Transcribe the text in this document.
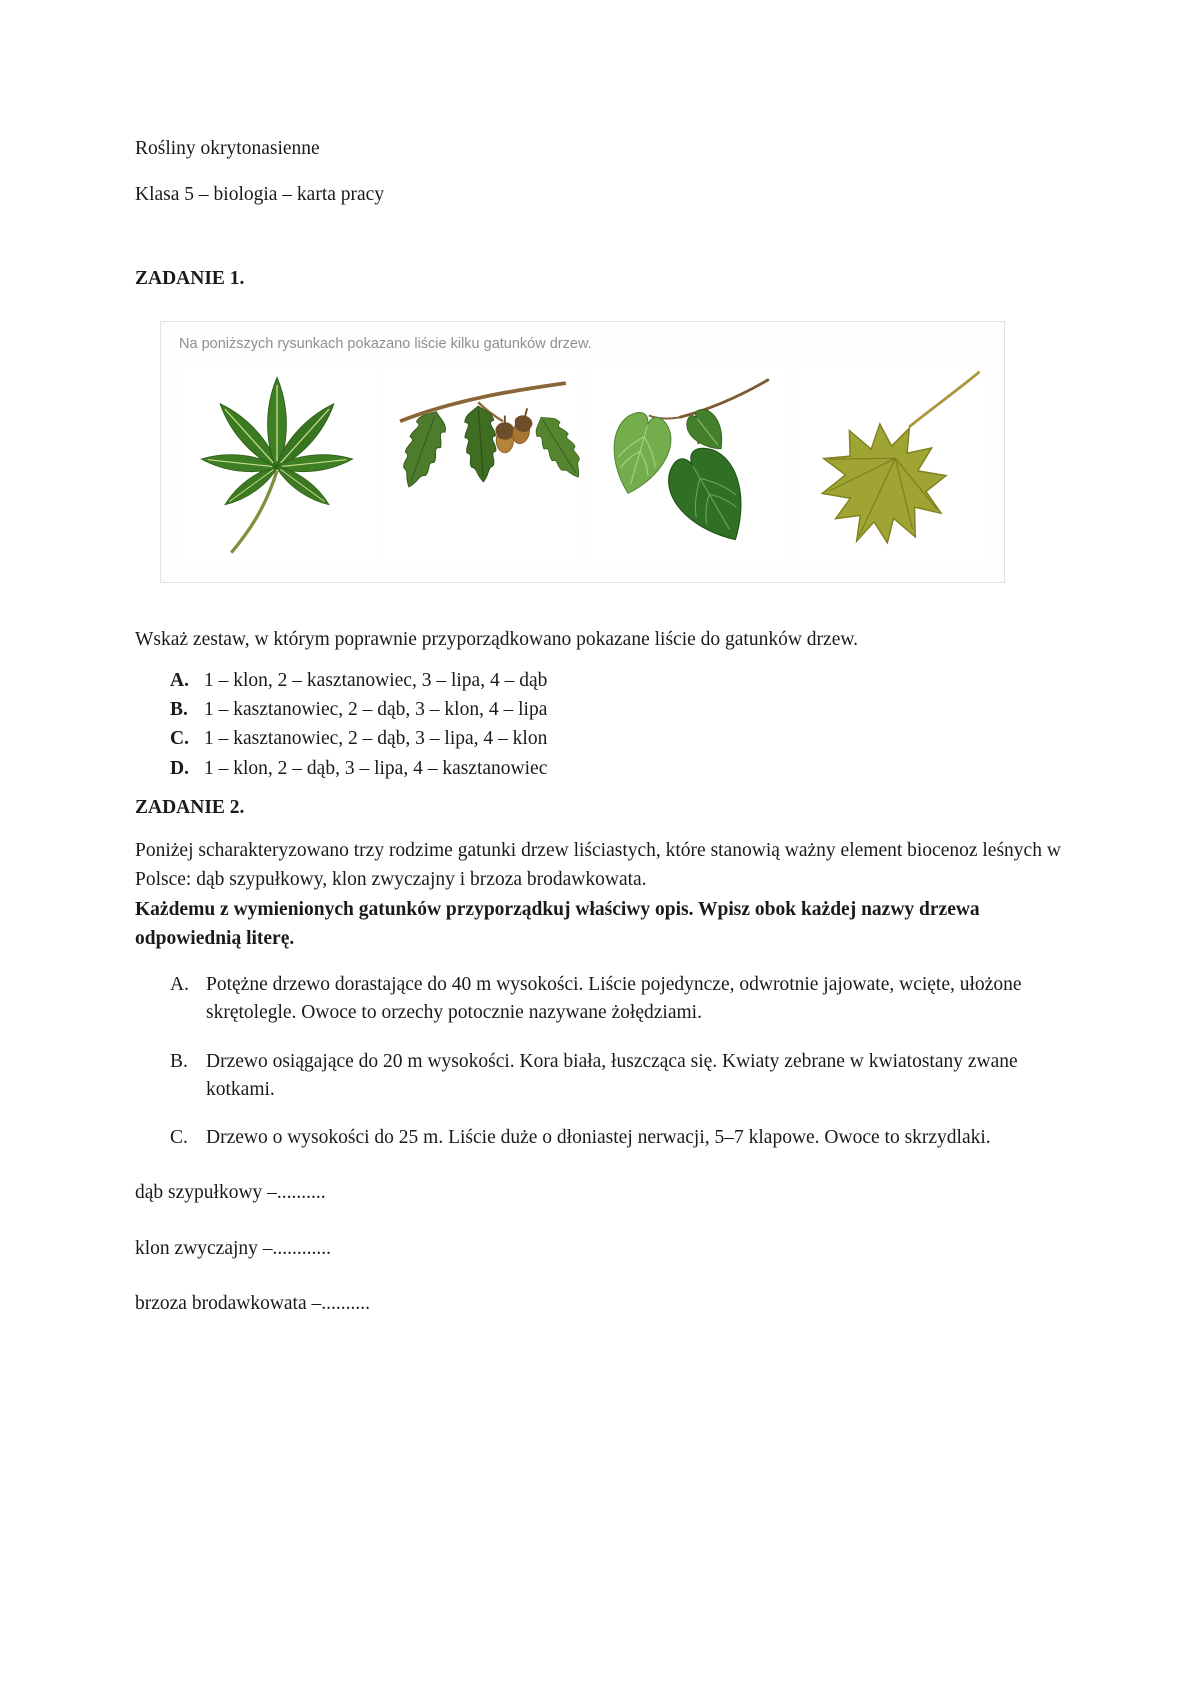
Rośliny okrytonasienne

Klasa 5 – biologia – karta pracy

ZADANIE 1.

Na poniższych rysunkach pokazano liście kilku gatunków drzew.

Wskaż zestaw, w którym poprawnie przyporządkowano pokazane liście do gatunków drzew.

A. 1 – klon, 2 – kasztanowiec, 3 – lipa, 4 – dąb
B. 1 – kasztanowiec, 2 – dąb, 3 – klon, 4 – lipa
C. 1 – kasztanowiec, 2 – dąb, 3 – lipa, 4 – klon
D. 1 – klon, 2 – dąb, 3 – lipa, 4 – kasztanowiec

ZADANIE 2.

Poniżej scharakteryzowano trzy rodzime gatunki drzew liściastych, które stanowią ważny element biocenoz leśnych w Polsce: dąb szypułkowy, klon zwyczajny i brzoza brodawkowata.

Każdemu z wymienionych gatunków przyporządkuj właściwy opis. Wpisz obok każdej nazwy drzewa odpowiednią literę.

A. Potężne drzewo dorastające do 40 m wysokości. Liście pojedyncze, odwrotnie jajowate, wcięte, ułożone skrętolegle. Owoce to orzechy potocznie nazywane żołędziami.
B. Drzewo osiągające do 20 m wysokości. Kora biała, łuszcząca się. Kwiaty zebrane w kwiatostany zwane kotkami.
C. Drzewo o wysokości do 25 m. Liście duże o dłoniastej nerwacji, 5–7 klapowe. Owoce to skrzydlaki.

dąb szypułkowy –..........

klon zwyczajny –............

brzoza brodawkowata –..........
